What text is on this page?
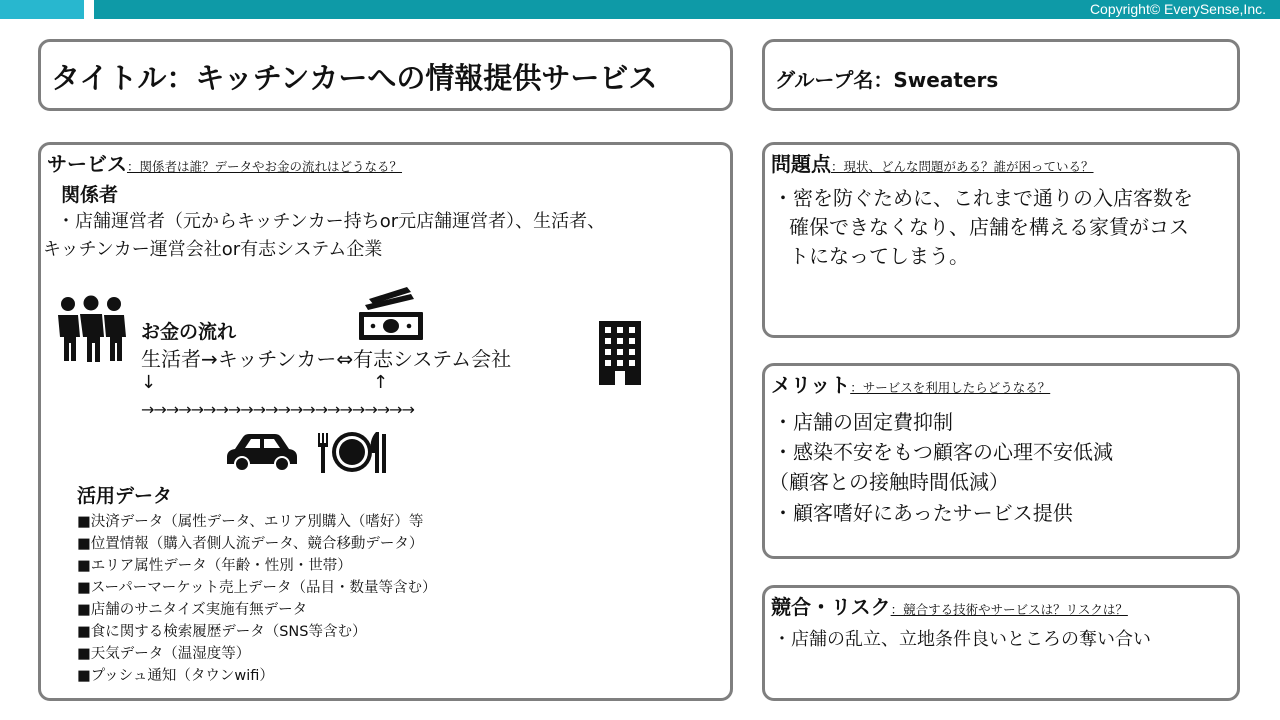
Copyright© EverySense,Inc.
タイトル：キッチンカーへの情報提供サービス	グループ名：Sweaters
サービス：関係者は誰？データやお金の流れはどうなる？
関係者
・店舗運営者（元からキッチンカー持ちor元店舗運営者）、生活者、
キッチンカー運営会社or有志システム企業
お金の流れ
生活者→キッチンカー⇔有志システム会社
↓	↑
→→→→→→→→→→→→→→→→→→→→→→
活用データ
■決済データ（属性データ、エリア別購入（嗜好）等
■位置情報（購入者側人流データ、競合移動データ）
■エリア属性データ（年齢・性別・世帯）
■スーパーマーケット売上データ（品目・数量等含む）
■店舗のサニタイズ実施有無データ
■食に関する検索履歴データ（SNS等含む）
■天気データ（温湿度等）
■プッシュ通知（タウンwifi）
問題点：現状、どんな問題がある？誰が困っている？
・密を防ぐために、これまで通りの入店客数を
確保できなくなり、店舗を構える家賃がコス
トになってしまう。
メリット：サービスを利用したらどうなる？
・店舗の固定費抑制
・感染不安をもつ顧客の心理不安低減
（顧客との接触時間低減）
・顧客嗜好にあったサービス提供
競合・リスク：競合する技術やサービスは？リスクは？
・店舗の乱立、立地条件良いところの奪い合い
